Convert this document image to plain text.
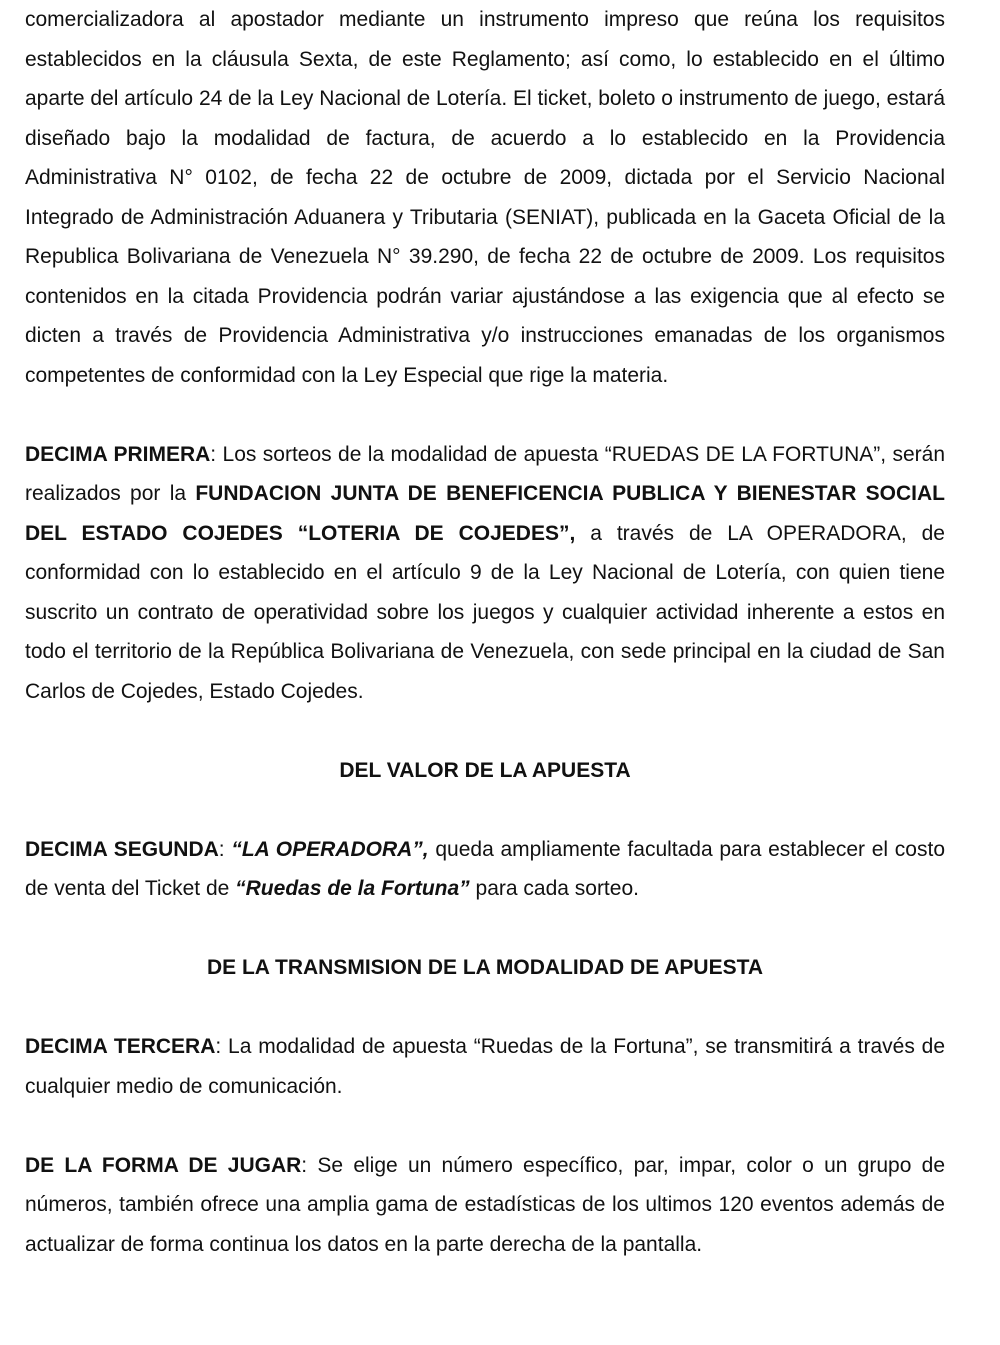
comercializadora al apostador mediante un instrumento impreso que reúna los requisitos establecidos en la cláusula Sexta, de este Reglamento; así como, lo establecido en el último aparte del artículo 24 de la Ley Nacional de Lotería. El ticket, boleto o instrumento de juego, estará diseñado bajo la modalidad de factura, de acuerdo a lo establecido en la Providencia Administrativa N° 0102, de fecha 22 de octubre de 2009, dictada por el Servicio Nacional Integrado de Administración Aduanera y Tributaria (SENIAT), publicada en la Gaceta Oficial de la Republica Bolivariana de Venezuela N° 39.290, de fecha 22 de octubre de 2009. Los requisitos contenidos en la citada Providencia podrán variar ajustándose a las exigencia que al efecto se dicten a través de Providencia Administrativa y/o instrucciones emanadas de los organismos competentes de conformidad con la Ley Especial que rige la materia.

DECIMA PRIMERA: Los sorteos de la modalidad de apuesta “RUEDAS DE LA FORTUNA”, serán realizados por la FUNDACION JUNTA DE BENEFICENCIA PUBLICA Y BIENESTAR SOCIAL DEL ESTADO COJEDES “LOTERIA DE COJEDES”, a través de LA OPERADORA, de conformidad con lo establecido en el artículo 9 de la Ley Nacional de Lotería, con quien tiene suscrito un contrato de operatividad sobre los juegos y cualquier actividad inherente a estos en todo el territorio de la República Bolivariana de Venezuela, con sede principal en la ciudad de San Carlos de Cojedes, Estado Cojedes.

DEL VALOR DE LA APUESTA

DECIMA SEGUNDA: “LA OPERADORA”, queda ampliamente facultada para establecer el costo de venta del Ticket de “Ruedas de la Fortuna” para cada sorteo.

DE LA TRANSMISION DE LA MODALIDAD DE APUESTA

DECIMA TERCERA: La modalidad de apuesta “Ruedas de la Fortuna”, se transmitirá a través de cualquier medio de comunicación.

DE LA FORMA DE JUGAR: Se elige un número específico, par, impar, color o un grupo de números, también ofrece una amplia gama de estadísticas de los ultimos 120 eventos además de actualizar de forma continua los datos en la parte derecha de la pantalla.
